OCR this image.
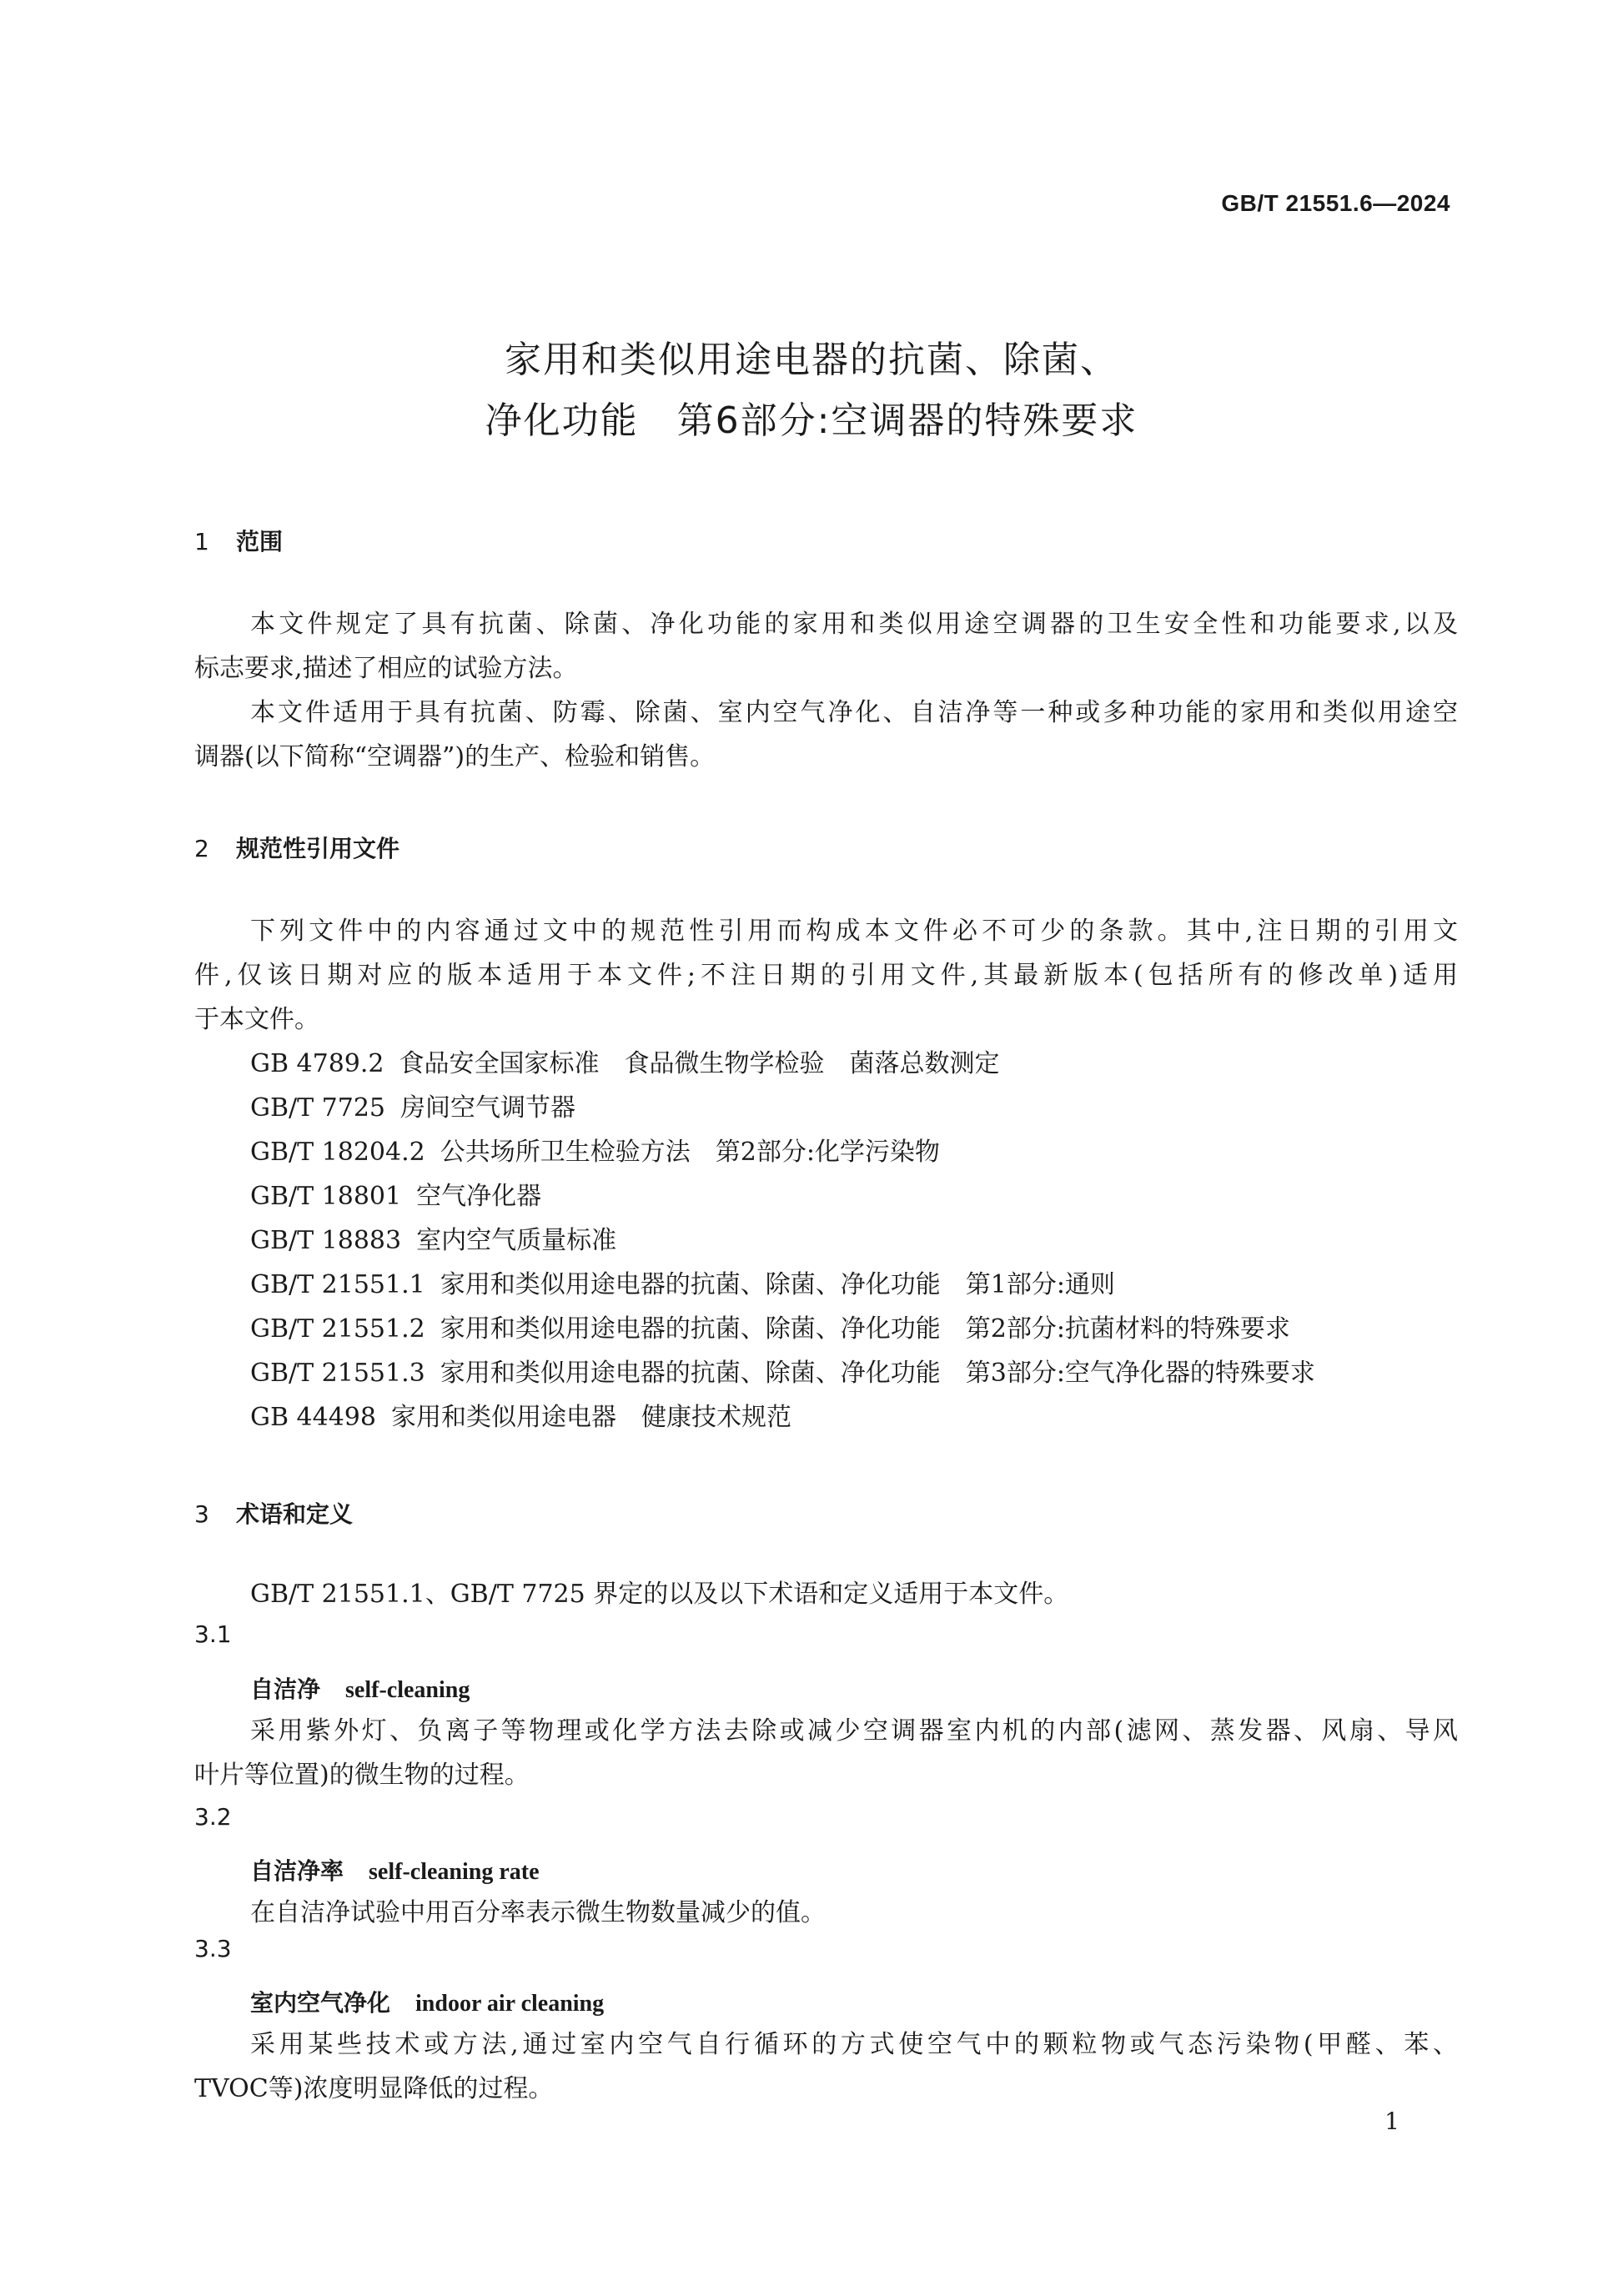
GB/T 21551.6—2024
家用和类似用途电器的抗菌、除菌、
净化功能　第6部分:空调器的特殊要求
1 范围
本文件规定了具有抗菌、除菌、净化功能的家用和类似用途空调器的卫生安全性和功能要求,以及
标志要求,描述了相应的试验方法。
本文件适用于具有抗菌、防霉、除菌、室内空气净化、自洁净等一种或多种功能的家用和类似用途空
调器(以下简称“空调器”)的生产、检验和销售。
2 规范性引用文件
下列文件中的内容通过文中的规范性引用而构成本文件必不可少的条款。其中,注日期的引用文
件,仅该日期对应的版本适用于本文件;不注日期的引用文件,其最新版本(包括所有的修改单)适用
于本文件。
GB 4789.2 食品安全国家标准　食品微生物学检验　菌落总数测定
GB/T 7725 房间空气调节器
GB/T 18204.2 公共场所卫生检验方法　第2部分:化学污染物
GB/T 18801 空气净化器
GB/T 18883 室内空气质量标准
GB/T 21551.1 家用和类似用途电器的抗菌、除菌、净化功能　第1部分:通则
GB/T 21551.2 家用和类似用途电器的抗菌、除菌、净化功能　第2部分:抗菌材料的特殊要求
GB/T 21551.3 家用和类似用途电器的抗菌、除菌、净化功能　第3部分:空气净化器的特殊要求
GB 44498 家用和类似用途电器　健康技术规范
3 术语和定义
GB/T 21551.1、GB/T 7725 界定的以及以下术语和定义适用于本文件。
3.1
自洁净 self-cleaning
采用紫外灯、负离子等物理或化学方法去除或减少空调器室内机的内部(滤网、蒸发器、风扇、导风
叶片等位置)的微生物的过程。
3.2
自洁净率 self-cleaning rate
在自洁净试验中用百分率表示微生物数量减少的值。
3.3
室内空气净化 indoor air cleaning
采用某些技术或方法,通过室内空气自行循环的方式使空气中的颗粒物或气态污染物(甲醛、苯、
TVOC等)浓度明显降低的过程。
1
